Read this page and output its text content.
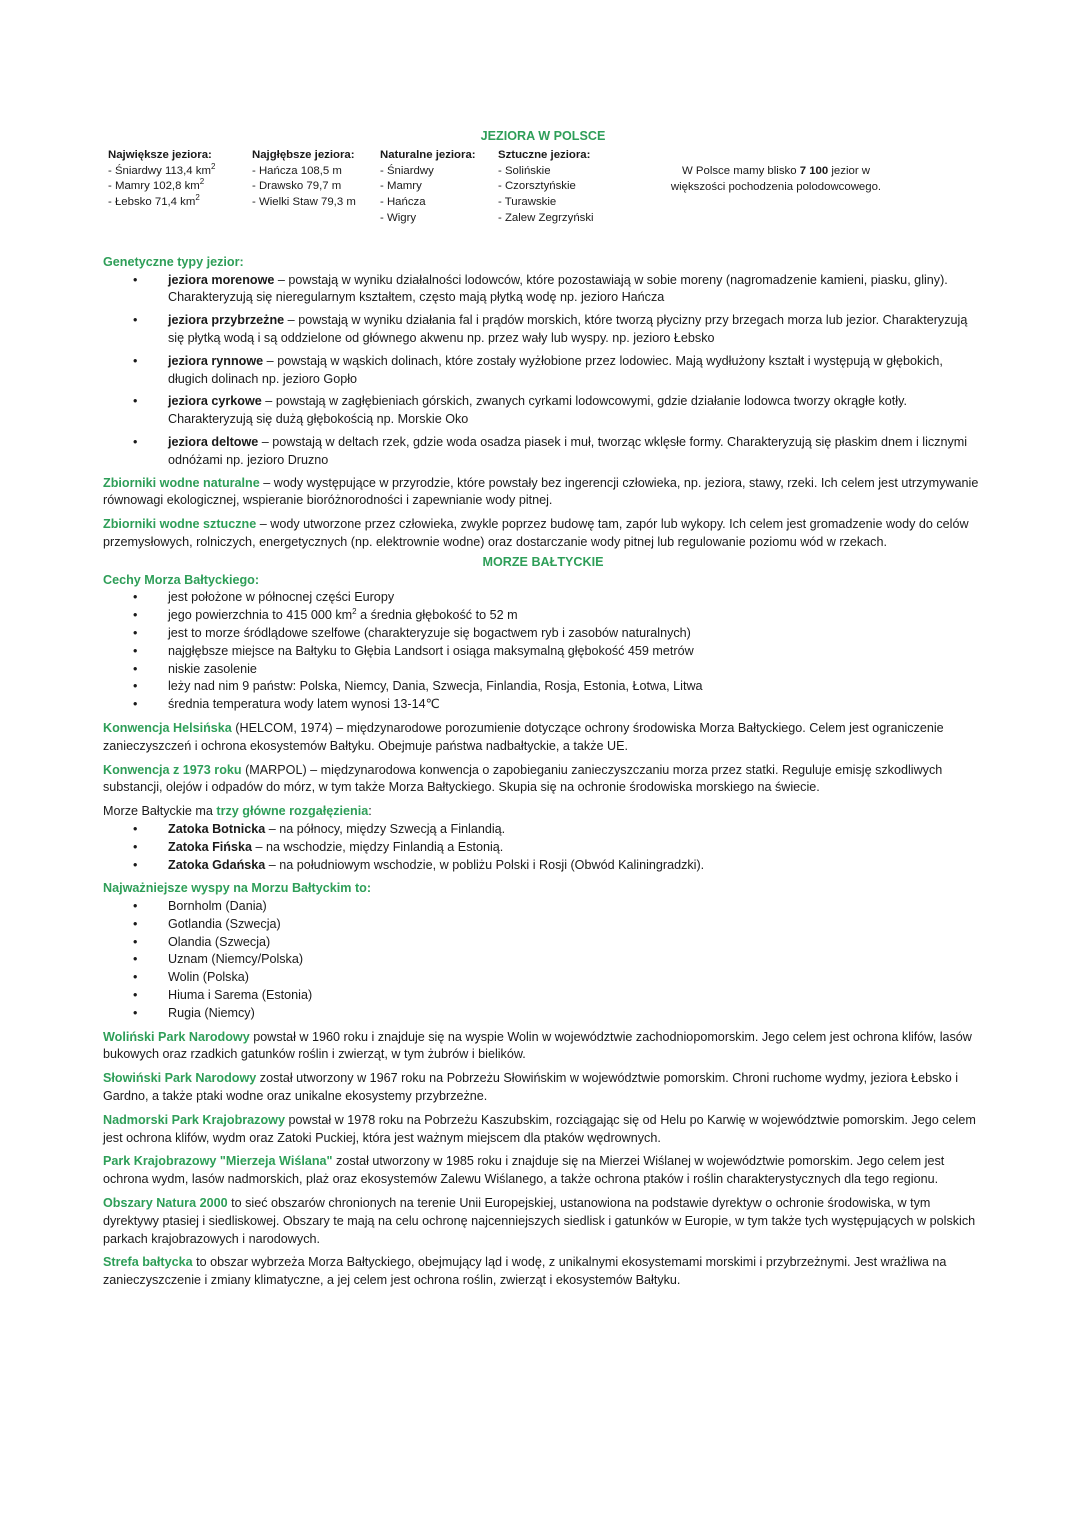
JEZIORA W POLSCE
Największe jeziora:
- Śniardwy 113,4 $km^2$
- Mamry 102,8 $km^2$
- Łebsko 71,4 $km^2$
Najgłębsze jeziora:
- Hańcza 108,5 m
- Drawsko 79,7 m
- Wielki Staw 79,3 m
Naturalne jeziora:
- Śniardwy
- Mamry
- Hańcza
- Wigry
Sztuczne jeziora:
- Solińskie
- Czorsztyńskie
- Turawskie
- Zalew Zegrzyński
W Polsce mamy blisko 7 100 jezior w większości pochodzenia polodowcowego.
Genetyczne typy jezior:
• jeziora morenowe – powstają w wyniku działalności lodowców, które pozostawiają w sobie moreny (nagromadzenie kamieni, piasku, gliny). Charakteryzują się nieregularnym kształtem, często mają płytką wodę np. jezioro Hańcza
• jeziora przybrzeżne – powstają w wyniku działania fal i prądów morskich, które tworzą płycizny przy brzegach morza lub jezior. Charakteryzują się płytką wodą i są oddzielone od głównego akwenu np. przez wały lub wyspy. np. jezioro Łebsko
• jeziora rynnowe – powstają w wąskich dolinach, które zostały wyżłobione przez lodowiec. Mają wydłużony kształt i występują w głębokich, długich dolinach np. jezioro Gopło
• jeziora cyrkowe – powstają w zagłębieniach górskich, zwanych cyrkami lodowcowymi, gdzie działanie lodowca tworzy okrągłe kotły. Charakteryzują się dużą głębokością np. Morskie Oko
• jeziora deltowe – powstają w deltach rzek, gdzie woda osadza piasek i muł, tworząc wklęsłe formy. Charakteryzują się płaskim dnem i licznymi odnóżami np. jezioro Druzno

Zbiorniki wodne naturalne – wody występujące w przyrodzie, które powstały bez ingerencji człowieka, np. jeziora, stawy, rzeki. Ich celem jest utrzymywanie równowagi ekologicznej, wspieranie bioróżnorodności i zapewnianie wody pitnej.

Zbiorniki wodne sztuczne – wody utworzone przez człowieka, zwykle poprzez budowę tam, zapór lub wykopy. Ich celem jest gromadzenie wody do celów przemysłowych, rolniczych, energetycznych (np. elektrownie wodne) oraz dostarczanie wody pitnej lub regulowanie poziomu wód w rzekach.

MORZE BAŁTYCKIE
Cechy Morza Bałtyckiego:
• jest położone w północnej części Europy
• jego powierzchnia to 415 000 $km^2$ a średnia głębokość to 52 m
• jest to morze śródlądowe szelfowe (charakteryzuje się bogactwem ryb i zasobów naturalnych)
• najgłębsze miejsce na Bałtyku to Głębia Landsort i osiąga maksymalną głębokość 459 metrów
• niskie zasolenie
• leży nad nim 9 państw: Polska, Niemcy, Dania, Szwecja, Finlandia, Rosja, Estonia, Łotwa, Litwa
• średnia temperatura wody latem wynosi 13-14℃

Konwencja Helsińska (HELCOM, 1974) – międzynarodowe porozumienie dotyczące ochrony środowiska Morza Bałtyckiego. Celem jest ograniczenie zanieczyszczeń i ochrona ekosystemów Bałtyku. Obejmuje państwa nadbałtyckie, a także UE.

Konwencja z 1973 roku (MARPOL) – międzynarodowa konwencja o zapobieganiu zanieczyszczaniu morza przez statki. Reguluje emisję szkodliwych substancji, olejów i odpadów do mórz, w tym także Morza Bałtyckiego. Skupia się na ochronie środowiska morskiego na świecie.

Morze Bałtyckie ma trzy główne rozgałęzienia:
• Zatoka Botnicka – na północy, między Szwecją a Finlandią.
• Zatoka Fińska – na wschodzie, między Finlandią a Estonią.
• Zatoka Gdańska – na południowym wschodzie, w pobliżu Polski i Rosji (Obwód Kaliningradzki).
Najważniejsze wyspy na Morzu Bałtyckim to:
• Bornholm (Dania)
• Gotlandia (Szwecja)
• Olandia (Szwecja)
• Uznam (Niemcy/Polska)
• Wolin (Polska)
• Hiuma i Sarema (Estonia)
• Rugia (Niemcy)

Woliński Park Narodowy powstał w 1960 roku i znajduje się na wyspie Wolin w województwie zachodniopomorskim. Jego celem jest ochrona klifów, lasów bukowych oraz rzadkich gatunków roślin i zwierząt, w tym żubrów i bielików.

Słowiński Park Narodowy został utworzony w 1967 roku na Pobrzeżu Słowińskim w województwie pomorskim. Chroni ruchome wydmy, jeziora Łebsko i Gardno, a także ptaki wodne oraz unikalne ekosystemy przybrzeżne.

Nadmorski Park Krajobrazowy powstał w 1978 roku na Pobrzeżu Kaszubskim, rozciągając się od Helu po Karwię w województwie pomorskim. Jego celem jest ochrona klifów, wydm oraz Zatoki Puckiej, która jest ważnym miejscem dla ptaków wędrownych.

Park Krajobrazowy "Mierzeja Wiślana" został utworzony w 1985 roku i znajduje się na Mierzei Wiślanej w województwie pomorskim. Jego celem jest ochrona wydm, lasów nadmorskich, plaż oraz ekosystemów Zalewu Wiślanego, a także ochrona ptaków i roślin charakterystycznych dla tego regionu.

Obszary Natura 2000 to sieć obszarów chronionych na terenie Unii Europejskiej, ustanowiona na podstawie dyrektyw o ochronie środowiska, w tym dyrektywy ptasiej i siedliskowej. Obszary te mają na celu ochronę najcenniejszych siedlisk i gatunków w Europie, w tym także tych występujących w polskich parkach krajobrazowych i narodowych.

Strefa bałtycka to obszar wybrzeża Morza Bałtyckiego, obejmujący ląd i wodę, z unikalnymi ekosystemami morskimi i przybrzeżnymi. Jest wrażliwa na zanieczyszczenie i zmiany klimatyczne, a jej celem jest ochrona roślin, zwierząt i ekosystemów Bałtyku.
